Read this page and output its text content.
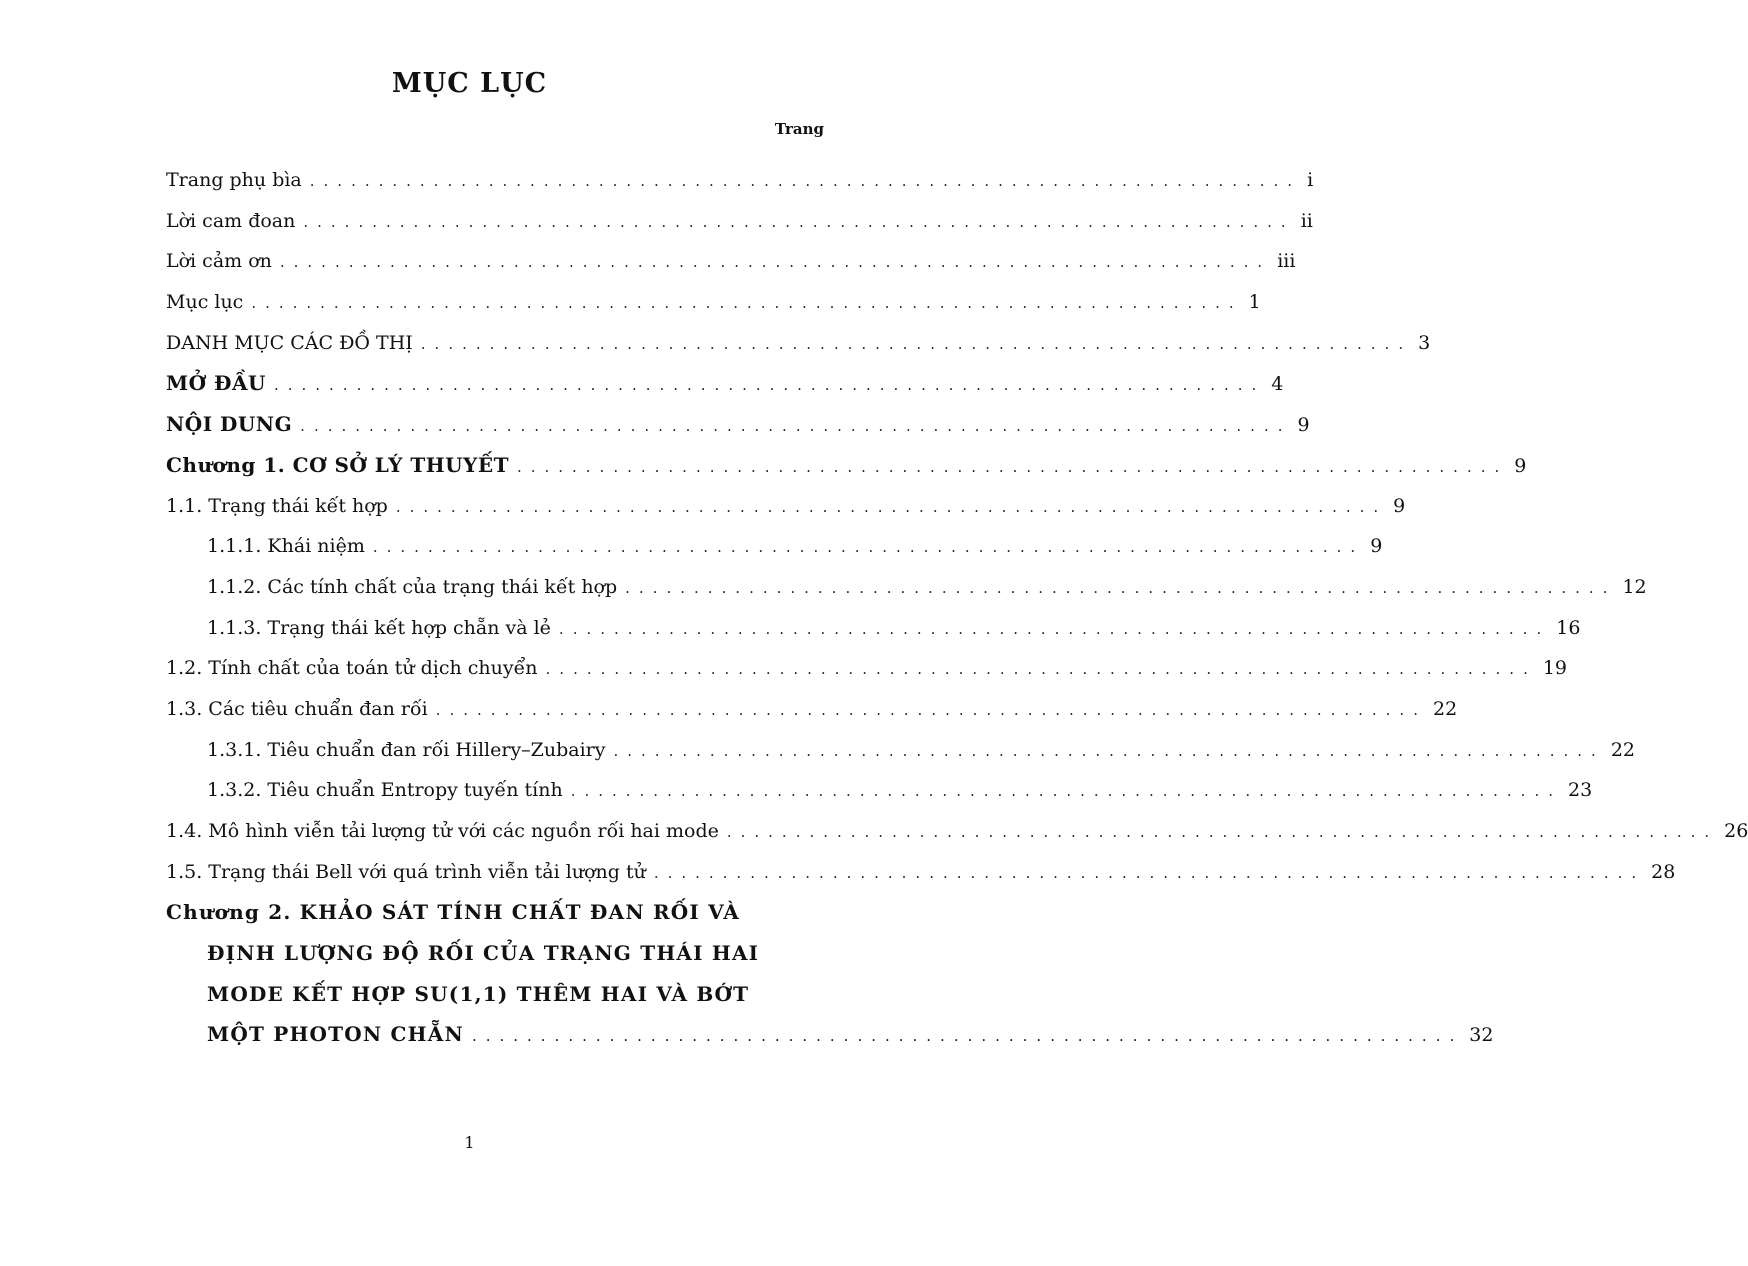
MỤC LỤC
Trang
Trang phụ bìa ........................................................................ i
Lời cam đoan ........................................................................ ii
Lời cảm ơn ........................................................................ iii
Mục lục ........................................................................ 1
DANH MỤC CÁC ĐỒ THỊ ........................................................................ 3
MỞ ĐẦU ........................................................................ 4
NỘI DUNG ........................................................................ 9
Chương 1. CƠ SỞ LÝ THUYẾT ........................................................................ 9
1.1. Trạng thái kết hợp ........................................................................ 9
1.1.1. Khái niệm ........................................................................ 9
1.1.2. Các tính chất của trạng thái kết hợp ........................................................................ 12
1.1.3. Trạng thái kết hợp chẵn và lẻ ........................................................................ 16
1.2. Tính chất của toán tử dịch chuyển ........................................................................ 19
1.3. Các tiêu chuẩn đan rối ........................................................................ 22
1.3.1. Tiêu chuẩn đan rối Hillery–Zubairy ........................................................................ 22
1.3.2. Tiêu chuẩn Entropy tuyến tính ........................................................................ 23
1.4. Mô hình viễn tải lượng tử với các nguồn rối hai mode ........................................................................ 26
1.5. Trạng thái Bell với quá trình viễn tải lượng tử ........................................................................ 28
Chương 2. KHẢO SÁT TÍNH CHẤT ĐAN RỐI VÀ
ĐỊNH LƯỢNG ĐỘ RỐI CỦA TRẠNG THÁI HAI
MODE KẾT HỢP SU(1,1) THÊM HAI VÀ BỚT
MỘT PHOTON CHẴN ........................................................................ 32
1
